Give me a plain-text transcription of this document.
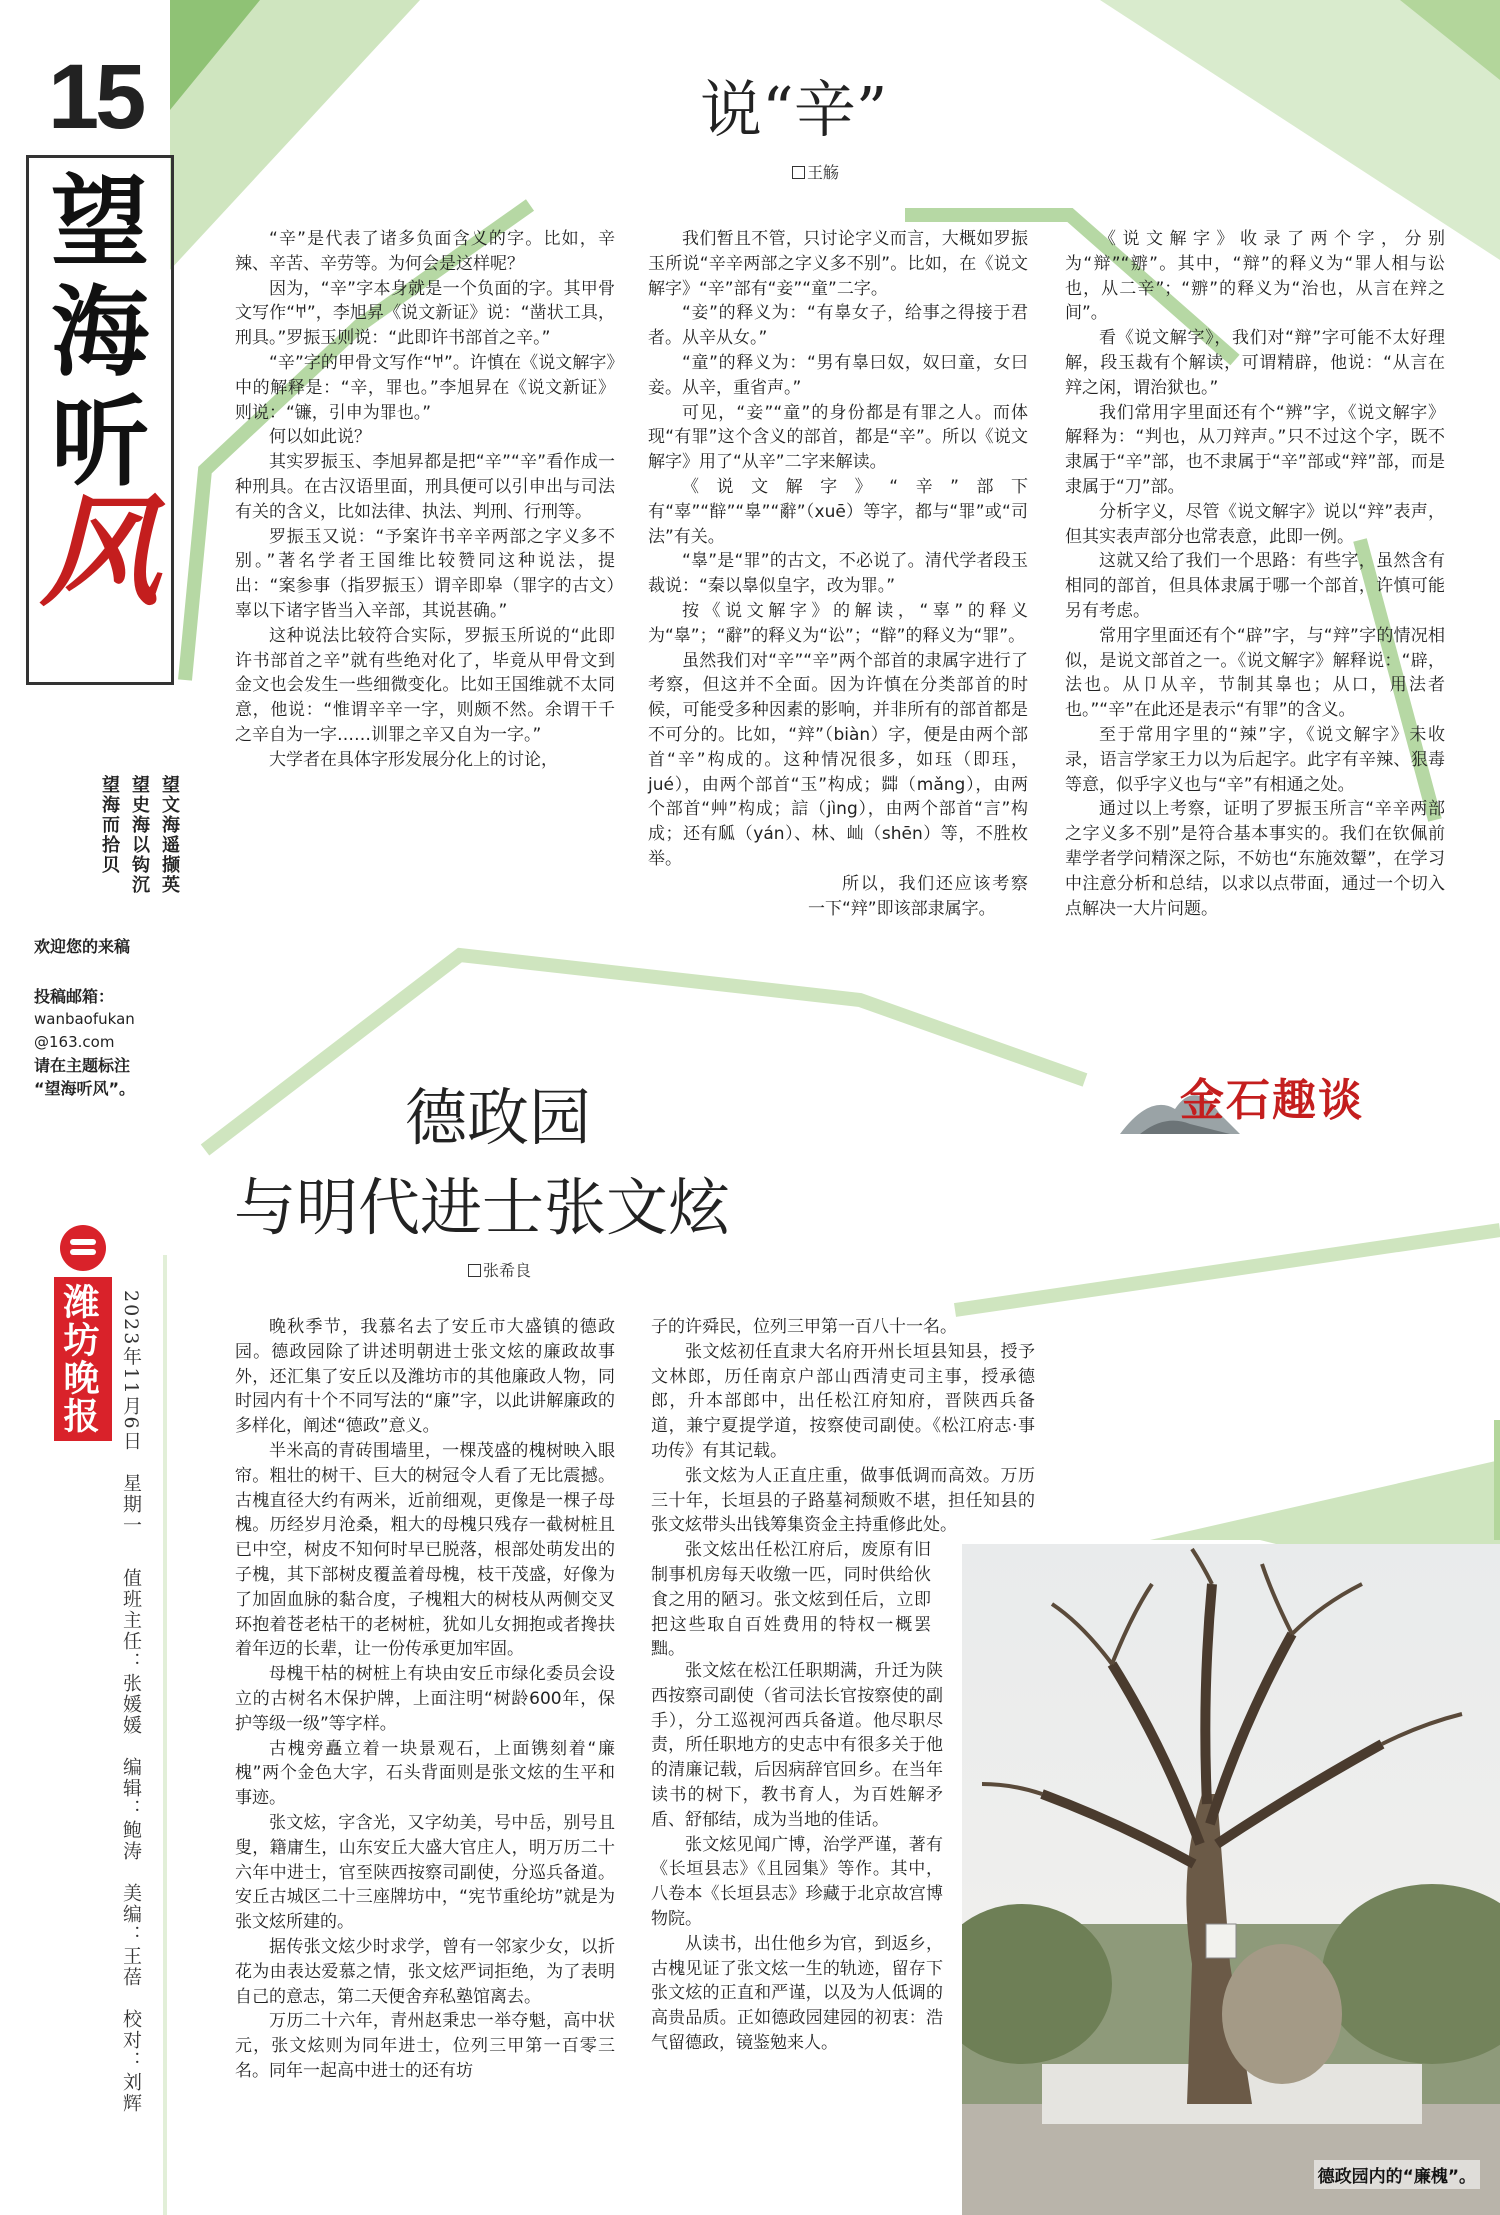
15
望
海
听
风
望文海遥撷英
望史海以钩沉
望海而拾贝
欢迎您的来稿
投稿邮箱：
wanbaofukan
@163.com
请在主题标注
“望海听风”。
潍坊晚报	2023年11月6日　星期一
值班主任：张媛媛　编辑：鲍涛　美编：王蓓　校对：刘辉
说“辛”
王觞

“辛”是代表了诸多负面含义的字。比如，辛辣、辛苦、辛劳等。为何会是这样呢？

因为，“辛”字本身就是一个负面的字。其甲骨文写作“𐀀”，李旭昇《说文新证》说：“凿状工具，刑具。”罗振玉则说：“此即许书部首之辛。”

“辛”字的甲骨文写作“𐀀”。许慎在《说文解字》中的解释是：“辛，罪也。”李旭昇在《说文新证》则说：“镰，引申为罪也。”

何以如此说？

其实罗振玉、李旭昇都是把“辛”“辛”看作成一种刑具。在古汉语里面，刑具便可以引申出与司法有关的含义，比如法律、执法、判刑、行刑等。

罗振玉又说：“予案许书辛辛两部之字义多不别。”著名学者王国维比较赞同这种说法，提出：“案参事（指罗振玉）谓辛即皋（罪字的古文）辜以下诸字皆当入辛部，其说甚确。”

这种说法比较符合实际，罗振玉所说的“此即许书部首之辛”就有些绝对化了，毕竟从甲骨文到金文也会发生一些细微变化。比如王国维就不太同意，他说：“惟谓辛辛一字，则颇不然。余谓干千之辛自为一字……训罪之辛又自为一字。”

大学者在具体字形发展分化上的讨论，

我们暂且不管，只讨论字义而言，大概如罗振玉所说“辛辛两部之字义多不别”。比如，在《说文解字》“辛”部有“妾”“童”二字。

“妾”的释义为：“有辠女子，给事之得接于君者。从辛从女。”

“童”的释义为：“男有辠曰奴，奴曰童，女曰妾。从辛，重省声。”

可见，“妾”“童”的身份都是有罪之人。而体现“有罪”这个含义的部首，都是“辛”。所以《说文解字》用了“从辛”二字来解读。

《说文解字》“辛”部下有“辜”“辥”“辠”“辭”（xuē）等字，都与“罪”或“司法”有关。

“辠”是“罪”的古文，不必说了。清代学者段玉裁说：“秦以辠似皇字，改为罪。”

按《说文解字》的解读，“辜”的释义为“辠”；“辭”的释义为“讼”；“辥”的释义为“罪”。

虽然我们对“辛”“辛”两个部首的隶属字进行了考察，但这并不全面。因为许慎在分类部首的时候，可能受多种因素的影响，并非所有的部首都是不可分的。比如，“辡”（biàn）字，便是由两个部首“辛”构成的。这种情况很多，如珏（即珏，jué），由两个部首“玉”构成；茻（mǎng），由两个部首“艸”构成；誩（jìng），由两个部首“言”构成；还有㼌（yán）、林、屾（shēn）等，不胜枚举。

所以，我们还应该考察一下“辡”即该部隶属字。

《说文解字》收录了两个字，分别为“辩”“辧”。其中，“辩”的释义为“罪人相与讼也，从二辛”；“辧”的释义为“治也，从言在辡之间”。

看《说文解字》，我们对“辩”字可能不太好理解，段玉裁有个解读，可谓精辟，他说：“从言在辡之闲，谓治狱也。”

我们常用字里面还有个“辨”字，《说文解字》解释为：“判也，从刀辡声。”只不过这个字，既不隶属于“辛”部，也不隶属于“辛”部或“辡”部，而是隶属于“刀”部。

分析字义，尽管《说文解字》说以“辡”表声，但其实表声部分也常表意，此即一例。

这就又给了我们一个思路：有些字，虽然含有相同的部首，但具体隶属于哪一个部首，许慎可能另有考虑。

常用字里面还有个“辟”字，与“辡”字的情况相似，是说文部首之一。《说文解字》解释说：“辟，法也。从卩从辛，节制其辠也；从口，用法者也。”“辛”在此还是表示“有罪”的含义。

至于常用字里的“辣”字，《说文解字》未收录，语言学家王力以为后起字。此字有辛辣、狠毒等意，似乎字义也与“辛”有相通之处。

通过以上考察，证明了罗振玉所言“辛辛两部之字义多不别”是符合基本事实的。我们在钦佩前辈学者学问精深之际，不妨也“东施效颦”，在学习中注意分析和总结，以求以点带面，通过一个切入点解决一大片问题。

金石趣谈
德政园
与明代进士张文炫
张希良

晚秋季节，我慕名去了安丘市大盛镇的德政园。德政园除了讲述明朝进士张文炫的廉政故事外，还汇集了安丘以及潍坊市的其他廉政人物，同时园内有十个不同写法的“廉”字，以此讲解廉政的多样化，阐述“德政”意义。

半米高的青砖围墙里，一棵茂盛的槐树映入眼帘。粗壮的树干、巨大的树冠令人看了无比震撼。古槐直径大约有两米，近前细观，更像是一棵子母槐。历经岁月沧桑，粗大的母槐只残存一截树桩且已中空，树皮不知何时早已脱落，根部处萌发出的子槐，其下部树皮覆盖着母槐，枝干茂盛，好像为了加固血脉的黏合度，子槐粗大的树枝从两侧交叉环抱着苍老枯干的老树桩，犹如儿女拥抱或者搀扶着年迈的长辈，让一份传承更加牢固。

母槐干枯的树桩上有块由安丘市绿化委员会设立的古树名木保护牌，上面注明“树龄600年，保护等级一级”等字样。

古槐旁矗立着一块景观石，上面镌刻着“廉槐”两个金色大字，石头背面则是张文炫的生平和事迹。

张文炫，字含光，又字幼美，号中岳，别号且叟，籍庸生，山东安丘大盛大官庄人，明万历二十六年中进士，官至陕西按察司副使，分巡兵备道。安丘古城区二十三座牌坊中，“宪节重纶坊”就是为张文炫所建的。

据传张文炫少时求学，曾有一邻家少女，以折花为由表达爱慕之情，张文炫严词拒绝，为了表明自己的意志，第二天便舍弃私塾馆离去。

万历二十六年，青州赵秉忠一举夺魁，高中状元，张文炫则为同年进士，位列三甲第一百零三名。同年一起高中进士的还有坊

子的许舜民，位列三甲第一百八十一名。

张文炫初任直隶大名府开州长垣县知县，授予文林郎，历任南京户部山西清吏司主事，授承德郎，升本部郎中，出任松江府知府，晋陕西兵备道，兼宁夏提学道，按察使司副使。《松江府志·事功传》有其记载。

张文炫为人正直庄重，做事低调而高效。万历三十年，长垣县的子路墓祠颓败不堪，担任知县的张文炫带头出钱筹集资金主持重修此处。

张文炫出任松江府后，废原有旧制事机房每天收缴一匹，同时供给伙食之用的陋习。张文炫到任后，立即把这些取自百姓费用的特权一概罢黜。

张文炫在松江任职期满，升迁为陕西按察司副使（省司法长官按察使的副手），分工巡视河西兵备道。他尽职尽责，所任职地方的史志中有很多关于他的清廉记载，后因病辞官回乡。在当年读书的树下，教书育人，为百姓解矛盾、舒郁结，成为当地的佳话。

张文炫见闻广博，治学严谨，著有《长垣县志》《且园集》等作。其中，八卷本《长垣县志》珍藏于北京故宫博物院。

从读书，出仕他乡为官，到返乡，古槐见证了张文炫一生的轨迹，留存下张文炫的正直和严谨，以及为人低调的高贵品质。正如德政园建园的初衷：浩气留德政，镜鉴勉来人。

德政园内的“廉槐”。
